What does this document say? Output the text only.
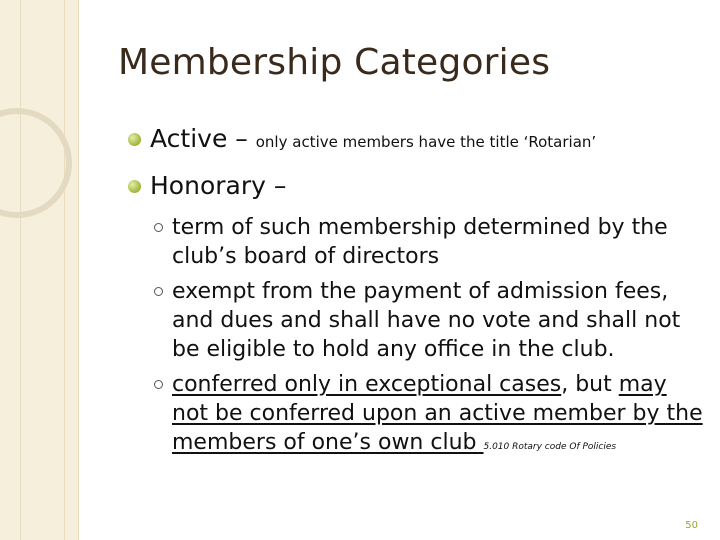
Membership Categories
Active – only active members have the title ‘Rotarian’
Honorary –
term of such membership determined by the club’s board of directors
exempt from the payment of admission fees, and dues and shall have no vote and shall not be eligible to hold any office in the club.
conferred only in exceptional cases, but may not be conferred upon an active member by the members of one’s own club 5.010 Rotary code Of Policies
50
